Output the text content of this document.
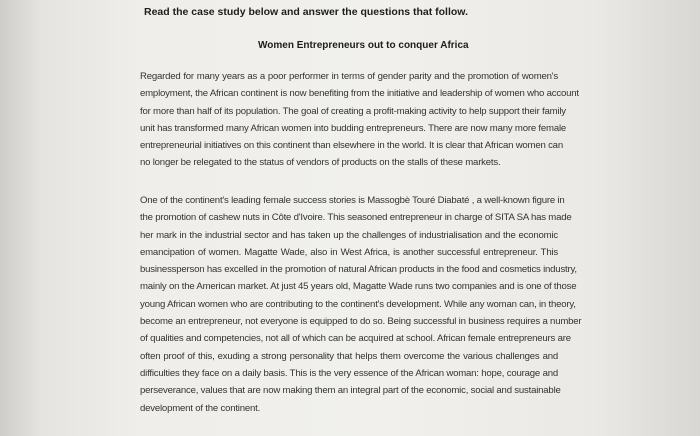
Read the case study below and answer the questions that follow.
Women Entrepreneurs out to conquer Africa
Regarded for many years as a poor performer in terms of gender parity and the promotion of women's
employment, the African continent is now benefiting from the initiative and leadership of women who account
for more than half of its population. The goal of creating a profit-making activity to help support their family
unit has transformed many African women into budding entrepreneurs. There are now many more female
entrepreneurial initiatives on this continent than elsewhere in the world. It is clear that African women can
no longer be relegated to the status of vendors of products on the stalls of these markets.
One of the continent's leading female success stories is Massogbè Touré Diabaté , a well-known figure in
the promotion of cashew nuts in Côte d'Ivoire. This seasoned entrepreneur in charge of SITA SA has made
her mark in the industrial sector and has taken up the challenges of industrialisation and the economic
emancipation of women. Magatte Wade, also in West Africa, is another successful entrepreneur. This
businessperson has excelled in the promotion of natural African products in the food and cosmetics industry,
mainly on the American market. At just 45 years old, Magatte Wade runs two companies and is one of those
young African women who are contributing to the continent's development. While any woman can, in theory,
become an entrepreneur, not everyone is equipped to do so. Being successful in business requires a number
of qualities and competencies, not all of which can be acquired at school. African female entrepreneurs are
often proof of this, exuding a strong personality that helps them overcome the various challenges and
difficulties they face on a daily basis. This is the very essence of the African woman: hope, courage and
perseverance, values that are now making them an integral part of the economic, social and sustainable
development of the continent.
